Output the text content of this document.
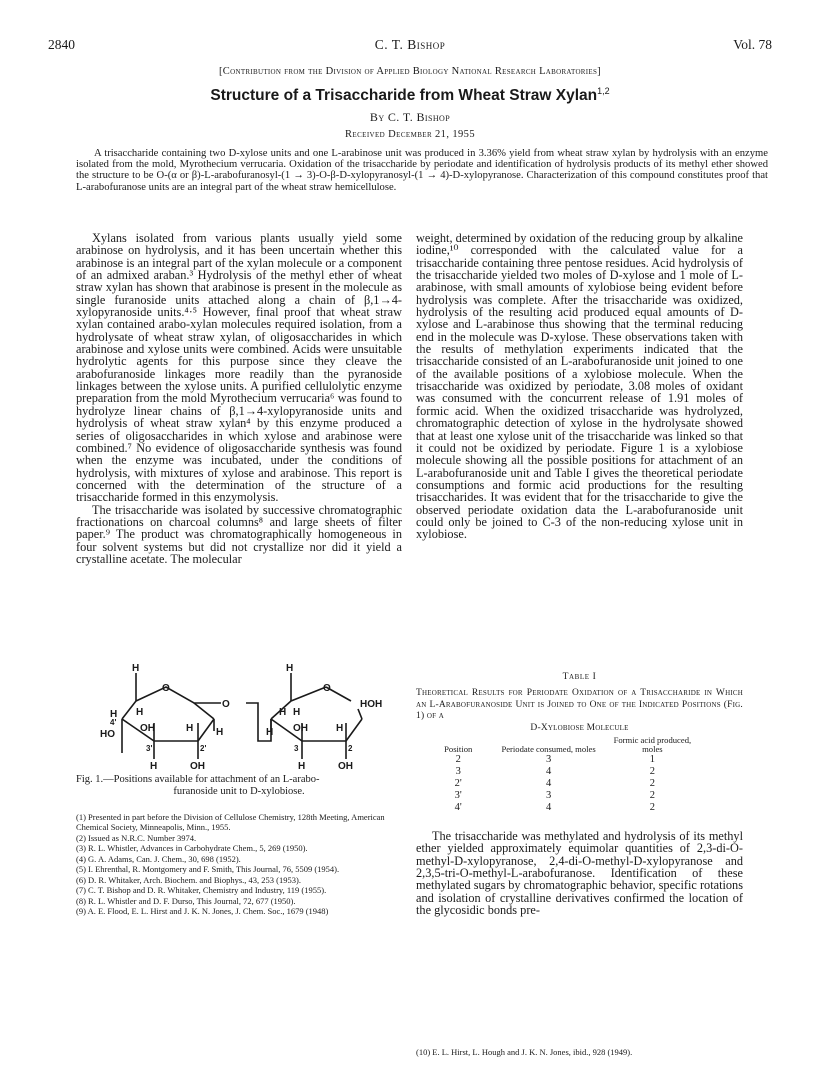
2840	C. T. Bishop	Vol. 78
[Contribution from the Division of Applied Biology National Research Laboratories]
Structure of a Trisaccharide from Wheat Straw Xylan$^{1,2}$
By C. T. Bishop
Received December 21, 1955

A trisaccharide containing two D-xylose units and one L-arabinose unit was produced in 3.36% yield from wheat straw xylan by hydrolysis with an enzyme isolated from the mold, Myrothecium verrucaria. Oxidation of the trisaccharide by periodate and identification of hydrolysis products of its methyl ether showed the structure to be O-(α or β)-L-arabofuranosyl-(1 → 3)-O-β-D-xylopyranosyl-(1 → 4)-D-xylopyranose. Characterization of this compound constitutes proof that L-arabofuranose units are an integral part of the wheat straw hemicellulose.

Xylans isolated from various plants usually yield some arabinose on hydrolysis, and it has been uncertain whether this arabinose is an integral part of the xylan molecule or a component of an admixed araban.³ Hydrolysis of the methyl ether of wheat straw xylan has shown that arabinose is present in the molecule as single furanoside units attached along a chain of β,1→4-xylopyranoside units.⁴·⁵ However, final proof that wheat straw xylan contained arabo-xylan molecules required isolation, from a hydrolysate of wheat straw xylan, of oligosaccharides in which arabinose and xylose units were combined. Acids were unsuitable hydrolytic agents for this purpose since they cleave the arabofuranoside linkages more readily than the pyranoside linkages between the xylose units. A purified cellulolytic enzyme preparation from the mold Myrothecium verrucaria⁶ was found to hydrolyze linear chains of β,1→4-xylopyranoside units and hydrolysis of wheat straw xylan⁴ by this enzyme produced a series of oligosaccharides in which xylose and arabinose were combined.⁷ No evidence of oligosaccharide synthesis was found when the enzyme was incubated, under the conditions of hydrolysis, with mixtures of xylose and arabinose. This report is concerned with the determination of the structure of a trisaccharide formed in this enzymolysis.

The trisaccharide was isolated by successive chromatographic fractionations on charcoal columns⁸ and large sheets of filter paper.⁹ The product was chromatographically homogeneous in four solvent systems but did not crystallize nor did it yield a crystalline acetate. The molecular

weight, determined by oxidation of the reducing group by alkaline iodine,¹⁰ corresponded with the calculated value for a trisaccharide containing three pentose residues. Acid hydrolysis of the trisaccharide yielded two moles of D-xylose and 1 mole of L-arabinose, with small amounts of xylobiose being evident before hydrolysis was complete. After the trisaccharide was oxidized, hydrolysis of the resulting acid produced equal amounts of D-xylose and L-arabinose thus showing that the terminal reducing end in the molecule was D-xylose. These observations taken with the results of methylation experiments indicated that the trisaccharide consisted of an L-arabofuranoside unit joined to one of the available positions of a xylobiose molecule. When the trisaccharide was oxidized by periodate, 3.08 moles of oxidant was consumed with the concurrent release of 1.91 moles of formic acid. When the oxidized trisaccharide was hydrolyzed, chromatographic detection of xylose in the hydrolysate showed that at least one xylose unit of the trisaccharide was linked so that it could not be oxidized by periodate. Figure 1 is a xylobiose molecule showing all the possible positions for attachment of an L-arabofuranoside unit and Table I gives the theoretical periodate consumptions and formic acid productions for the resulting trisaccharides. It was evident that for the trisaccharide to give the observed periodate oxidation data the L-arabofuranoside unit could only be joined to C-3 of the non-reducing xylose unit in xylobiose.

H	H
O	O
O
H H	H H
4'
HO
OH	H H	OH	H
HOH
H
3'	2'	3	2
H	OH	H	OH
Fig. 1.—Positions available for attachment of an L-arabo-
furanoside unit to D-xylobiose.
(1) Presented in part before the Division of Cellulose Chemistry, 128th Meeting, American Chemical Society, Minneapolis, Minn., 1955.
(2) Issued as N.R.C. Number 3974.
(3) R. L. Whistler, Advances in Carbohydrate Chem., 5, 269 (1950).
(4) G. A. Adams, Can. J. Chem., 30, 698 (1952).
(5) I. Ehrenthal, R. Montgomery and F. Smith, This Journal, 76, 5509 (1954).
(6) D. R. Whitaker, Arch. Biochem. and Biophys., 43, 253 (1953).
(7) C. T. Bishop and D. R. Whitaker, Chemistry and Industry, 119 (1955).
(8) R. L. Whistler and D. F. Durso, This Journal, 72, 677 (1950).
(9) A. E. Flood, E. L. Hirst and J. K. N. Jones, J. Chem. Soc., 1679 (1948)
Table I
Theoretical Results for Periodate Oxidation of a Trisaccharide in Which an L-Arabofuranoside Unit is Joined to One of the Indicated Positions (Fig. 1) of a
D-Xylobiose Molecule
Position	Periodate consumed, moles	Formic acid produced, moles
2	3	1
3	4	2
2'	4	2
3'	3	2
4'	4	2

The trisaccharide was methylated and hydrolysis of its methyl ether yielded approximately equimolar quantities of 2,3-di-O-methyl-D-xylopyranose, 2,4-di-O-methyl-D-xylopyranose and 2,3,5-tri-O-methyl-L-arabofuranose. Identification of these methylated sugars by chromatographic behavior, specific rotations and isolation of crystalline derivatives confirmed the location of the glycosidic bonds pre-

(10) E. L. Hirst, L. Hough and J. K. N. Jones, ibid., 928 (1949).
